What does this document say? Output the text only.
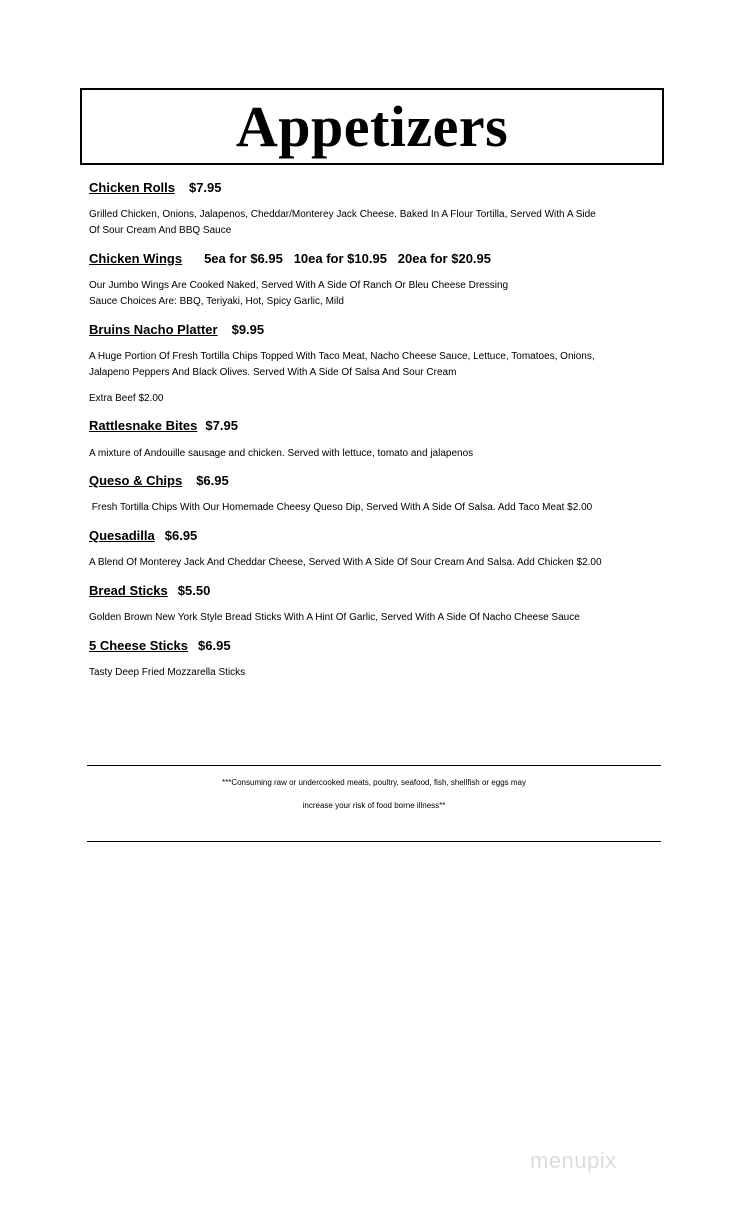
Appetizers
Chicken Rolls $7.95
Grilled Chicken, Onions, Jalapenos, Cheddar/Monterey Jack Cheese. Baked In A Flour Tortilla, Served With A Side
Of Sour Cream And BBQ Sauce
Chicken Wings 5ea for $6.95   10ea for $10.95   20ea for $20.95
Our Jumbo Wings Are Cooked Naked, Served With A Side Of Ranch Or Bleu Cheese Dressing
Sauce Choices Are: BBQ, Teriyaki, Hot, Spicy Garlic, Mild
Bruins Nacho Platter $9.95
A Huge Portion Of Fresh Tortilla Chips Topped With Taco Meat, Nacho Cheese Sauce, Lettuce, Tomatoes, Onions,
Jalapeno Peppers And Black Olives. Served With A Side Of Salsa And Sour Cream
Extra Beef $2.00
Rattlesnake Bites $7.95
A mixture of Andouille sausage and chicken. Served with lettuce, tomato and jalapenos
Queso & Chips $6.95
Fresh Tortilla Chips With Our Homemade Cheesy Queso Dip, Served With A Side Of Salsa. Add Taco Meat $2.00
Quesadilla $6.95
A Blend Of Monterey Jack And Cheddar Cheese, Served With A Side Of Sour Cream And Salsa. Add Chicken $2.00
Bread Sticks $5.50
Golden Brown New York Style Bread Sticks With A Hint Of Garlic, Served With A Side Of Nacho Cheese Sauce
5 Cheese Sticks $6.95
Tasty Deep Fried Mozzarella Sticks
***Consuming raw or undercooked meats, poultry, seafood, fish, shellfish or eggs may
increase your risk of food borne illness**
menupix
